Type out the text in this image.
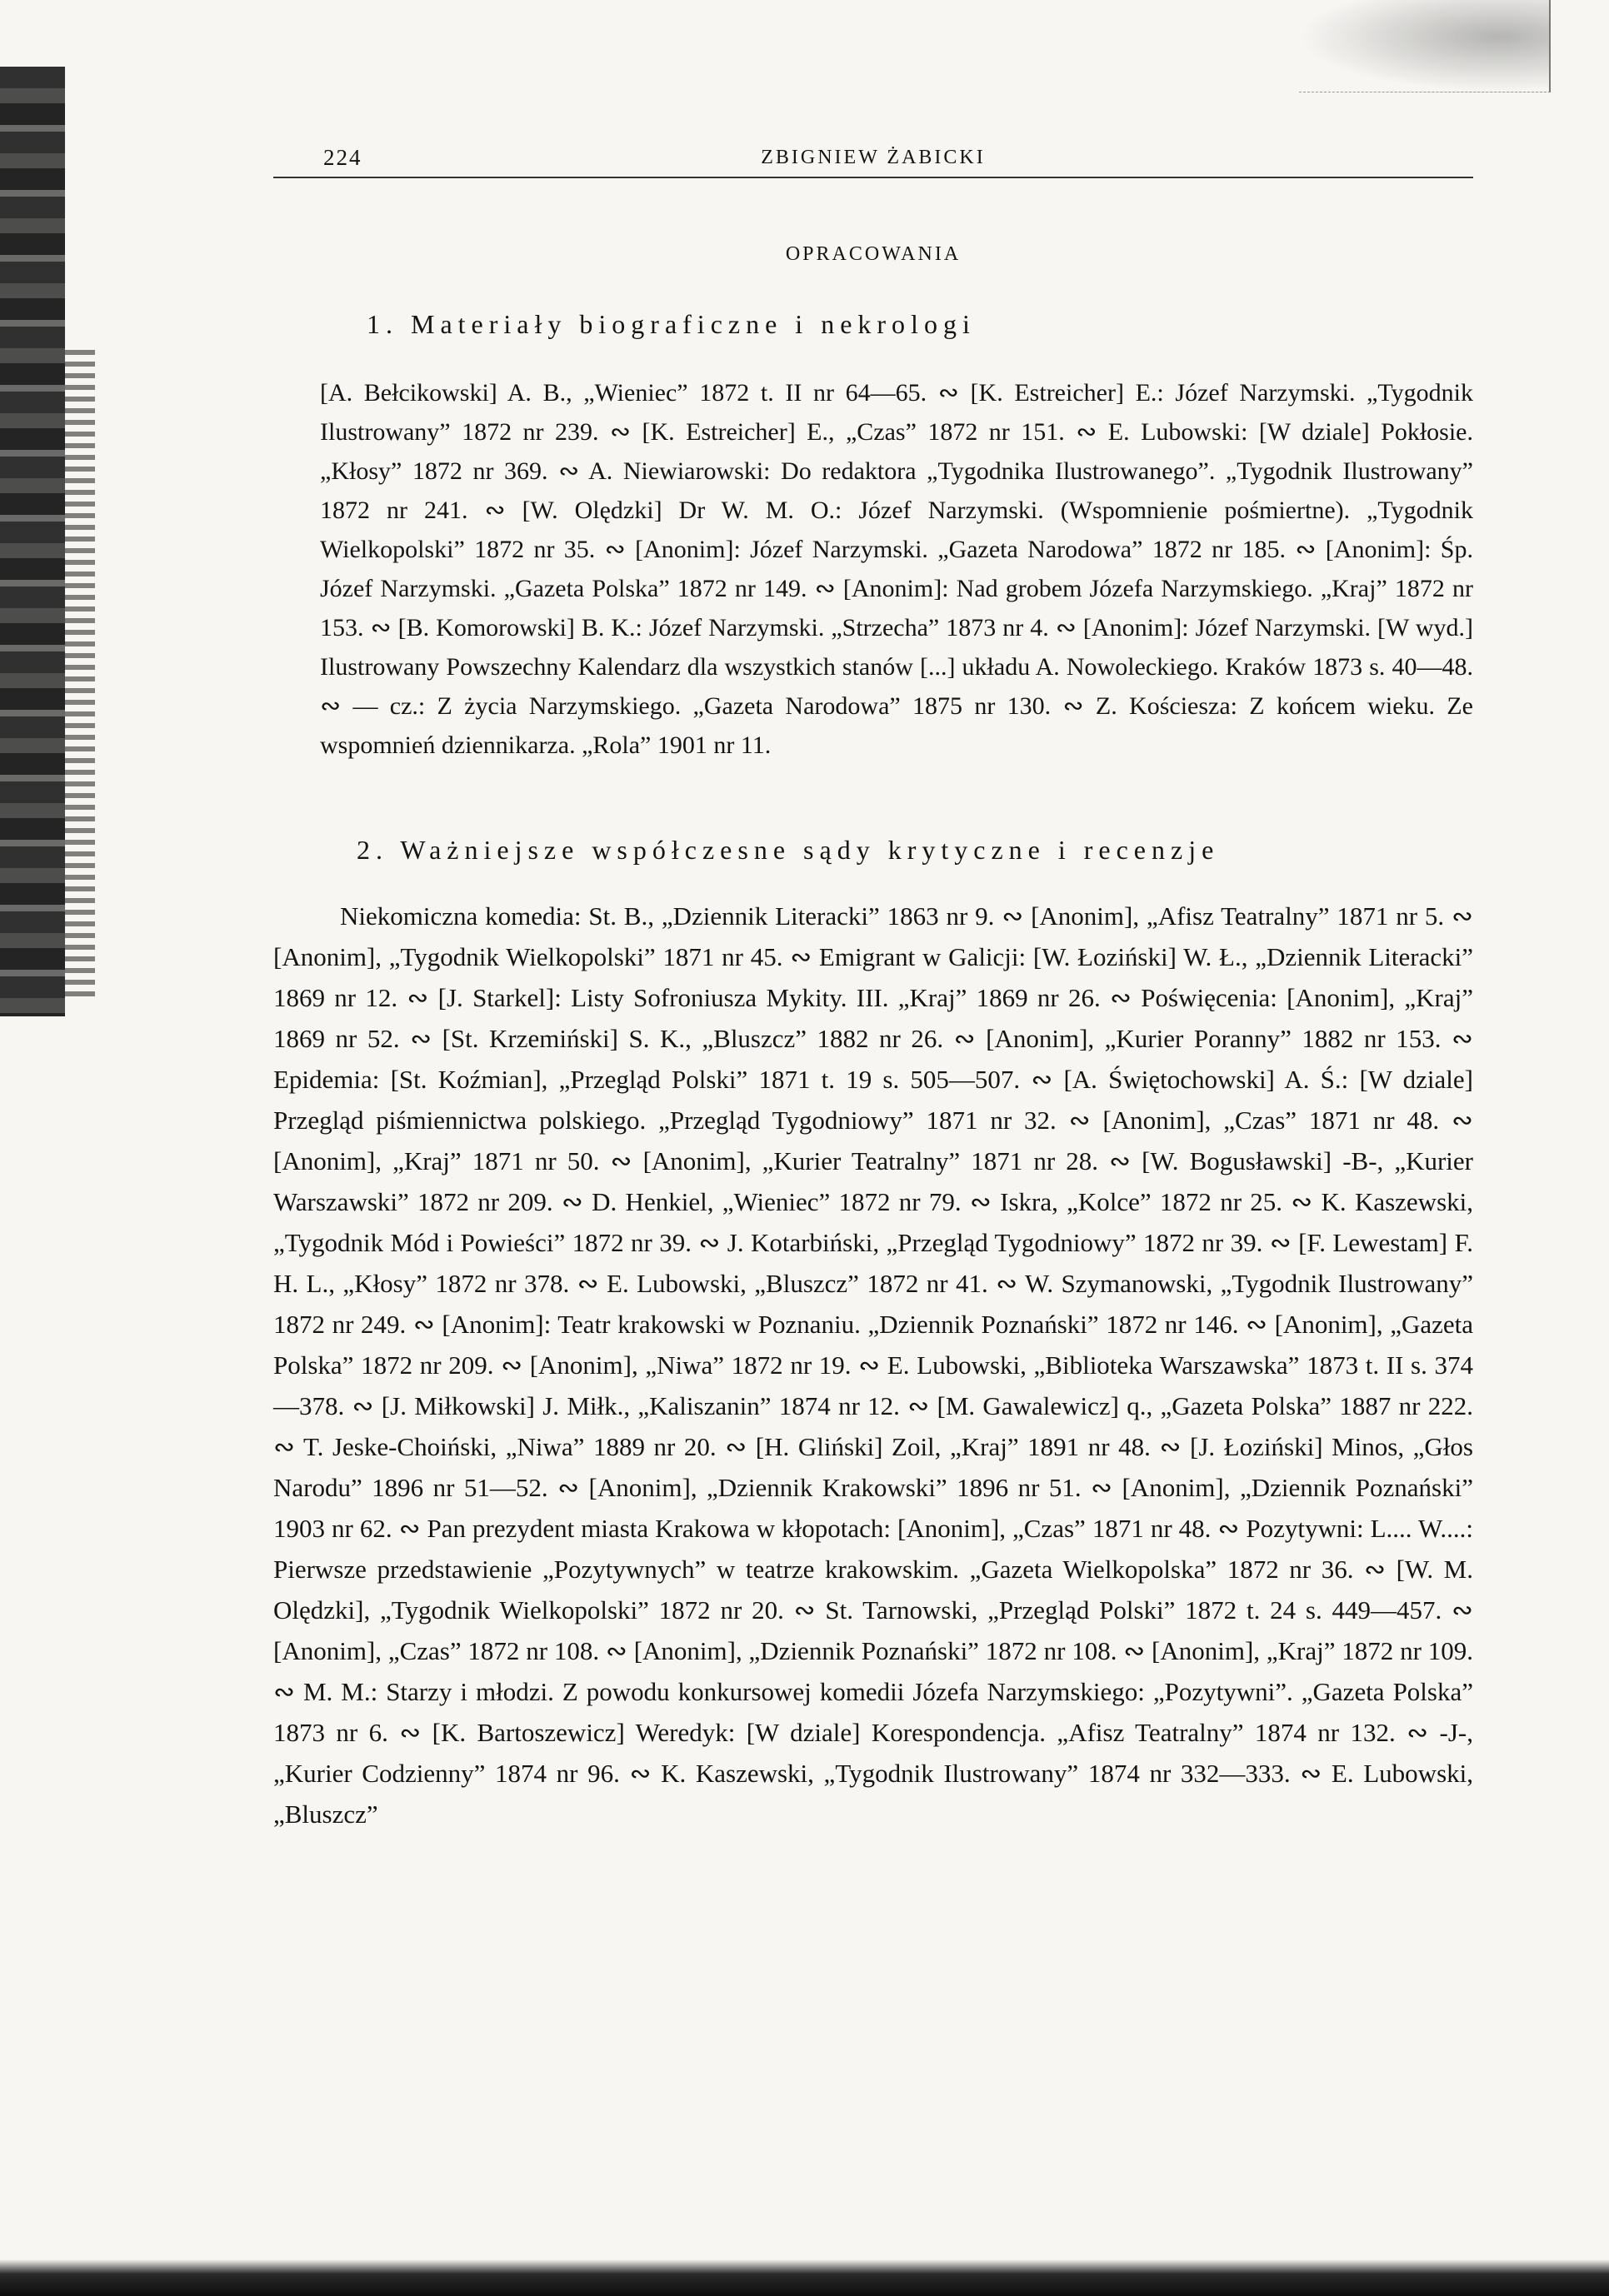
224	ZBIGNIEW ŻABICKI
OPRACOWANIA
1. Materiały biograficzne i nekrologi

[A. Bełcikowski] A. B., „Wieniec” 1872 t. II nr 64—65. ∾ [K. Estreicher] E.: Józef Narzymski. „Tygodnik Ilustrowany” 1872 nr 239. ∾ [K. Estreicher] E., „Czas” 1872 nr 151. ∾ E. Lubowski: [W dziale] Pokłosie. „Kłosy” 1872 nr 369. ∾ A. Niewiarowski: Do redaktora „Tygodnika Ilustrowanego”. „Tygodnik Ilustrowany” 1872 nr 241. ∾ [W. Olędzki] Dr W. M. O.: Józef Narzymski. (Wspomnienie pośmiertne). „Tygodnik Wielkopolski” 1872 nr 35. ∾ [Anonim]: Józef Narzymski. „Gazeta Narodowa” 1872 nr 185. ∾ [Anonim]: Śp. Józef Narzymski. „Gazeta Polska” 1872 nr 149. ∾ [Anonim]: Nad grobem Józefa Narzymskiego. „Kraj” 1872 nr 153. ∾ [B. Komorowski] B. K.: Józef Narzymski. „Strzecha” 1873 nr 4. ∾ [Anonim]: Józef Narzymski. [W wyd.] Ilustrowany Powszechny Kalendarz dla wszystkich stanów [...] układu A. Nowoleckiego. Kraków 1873 s. 40—48. ∾ — cz.: Z życia Narzymskiego. „Gazeta Narodowa” 1875 nr 130. ∾ Z. Kościesza: Z końcem wieku. Ze wspomnień dziennikarza. „Rola” 1901 nr 11.

2. Ważniejsze współczesne sądy krytyczne i recenzje

Niekomiczna komedia: St. B., „Dziennik Literacki” 1863 nr 9. ∾ [Anonim], „Afisz Teatralny” 1871 nr 5. ∾ [Anonim], „Tygodnik Wielkopolski” 1871 nr 45. ∾ Emigrant w Galicji: [W. Łoziński] W. Ł., „Dziennik Literacki” 1869 nr 12. ∾ [J. Starkel]: Listy Sofroniusza Mykity. III. „Kraj” 1869 nr 26. ∾ Poświęcenia: [Anonim], „Kraj” 1869 nr 52. ∾ [St. Krzemiński] S. K., „Bluszcz” 1882 nr 26. ∾ [Anonim], „Kurier Poranny” 1882 nr 153. ∾ Epidemia: [St. Koźmian], „Przegląd Polski” 1871 t. 19 s. 505—507. ∾ [A. Świętochowski] A. Ś.: [W dziale] Przegląd piśmiennictwa polskiego. „Przegląd Tygodniowy” 1871 nr 32. ∾ [Anonim], „Czas” 1871 nr 48. ∾ [Anonim], „Kraj” 1871 nr 50. ∾ [Anonim], „Kurier Teatralny” 1871 nr 28. ∾ [W. Bogusławski] -B-, „Kurier Warszawski” 1872 nr 209. ∾ D. Henkiel, „Wieniec” 1872 nr 79. ∾ Iskra, „Kolce” 1872 nr 25. ∾ K. Kaszewski, „Tygodnik Mód i Powieści” 1872 nr 39. ∾ J. Kotarbiński, „Przegląd Tygodniowy” 1872 nr 39. ∾ [F. Lewestam] F. H. L., „Kłosy” 1872 nr 378. ∾ E. Lubowski, „Bluszcz” 1872 nr 41. ∾ W. Szymanowski, „Tygodnik Ilustrowany” 1872 nr 249. ∾ [Anonim]: Teatr krakowski w Poznaniu. „Dziennik Poznański” 1872 nr 146. ∾ [Anonim], „Gazeta Polska” 1872 nr 209. ∾ [Anonim], „Niwa” 1872 nr 19. ∾ E. Lubowski, „Biblioteka Warszawska” 1873 t. II s. 374—378. ∾ [J. Miłkowski] J. Miłk., „Kaliszanin” 1874 nr 12. ∾ [M. Gawalewicz] q., „Gazeta Polska” 1887 nr 222. ∾ T. Jeske-Choiński, „Niwa” 1889 nr 20. ∾ [H. Gliński] Zoil, „Kraj” 1891 nr 48. ∾ [J. Łoziński] Minos, „Głos Narodu” 1896 nr 51—52. ∾ [Anonim], „Dziennik Krakowski” 1896 nr 51. ∾ [Anonim], „Dziennik Poznański” 1903 nr 62. ∾ Pan prezydent miasta Krakowa w kłopotach: [Anonim], „Czas” 1871 nr 48. ∾ Pozytywni: L.... W....: Pierwsze przedstawienie „Pozytywnych” w teatrze krakowskim. „Gazeta Wielkopolska” 1872 nr 36. ∾ [W. M. Olędzki], „Tygodnik Wielkopolski” 1872 nr 20. ∾ St. Tarnowski, „Przegląd Polski” 1872 t. 24 s. 449—457. ∾ [Anonim], „Czas” 1872 nr 108. ∾ [Anonim], „Dziennik Poznański” 1872 nr 108. ∾ [Anonim], „Kraj” 1872 nr 109. ∾ M. M.: Starzy i młodzi. Z powodu konkursowej komedii Józefa Narzymskiego: „Pozytywni”. „Gazeta Polska” 1873 nr 6. ∾ [K. Bartoszewicz] Weredyk: [W dziale] Korespondencja. „Afisz Teatralny” 1874 nr 132. ∾ -J-, „Kurier Codzienny” 1874 nr 96. ∾ K. Kaszewski, „Tygodnik Ilustrowany” 1874 nr 332—333. ∾ E. Lubowski, „Bluszcz”
